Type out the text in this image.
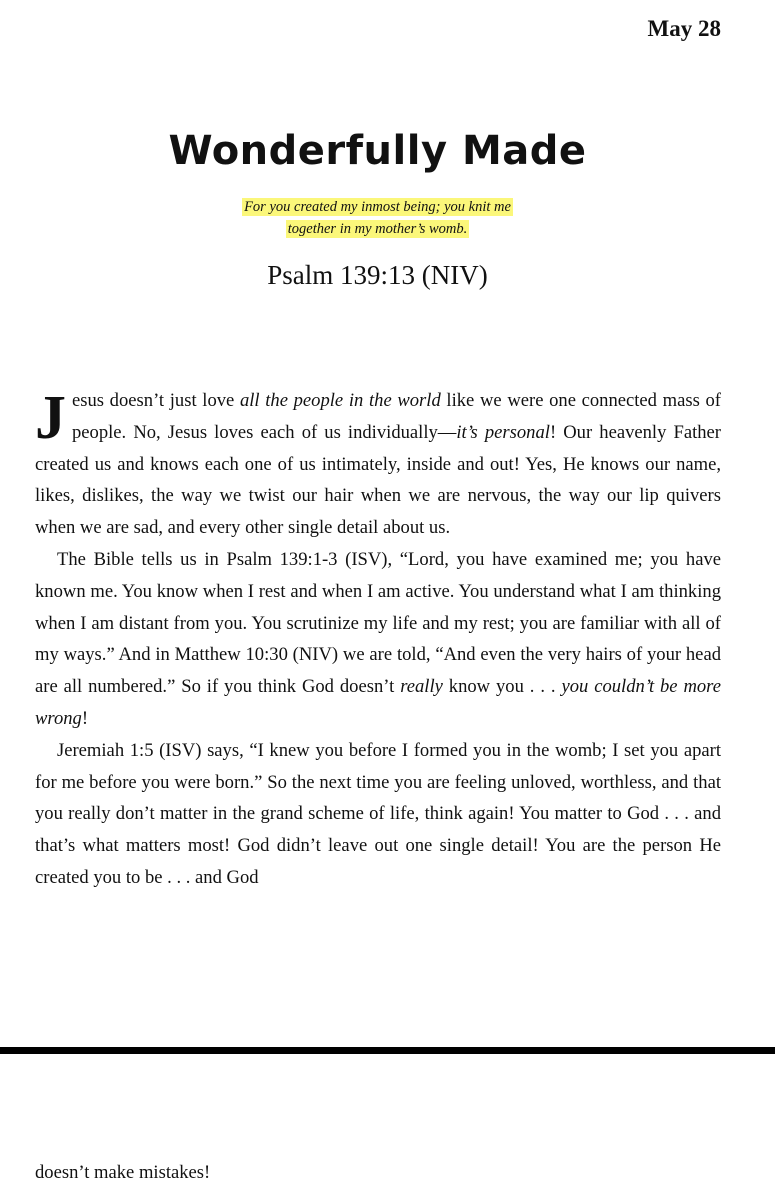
May 28
Wonderfully Made
For you created my inmost being; you knit me
together in my mother’s womb.
Psalm 139:13 (NIV)

Jesus doesn’t just love all the people in the world like we were one connected mass of people. No, Jesus loves each of us individually—it’s personal! Our heavenly Father created us and knows each one of us intimately, inside and out! Yes, He knows our name, likes, dislikes, the way we twist our hair when we are nervous, the way our lip quivers when we are sad, and every other single detail about us.

The Bible tells us in Psalm 139:1-3 (ISV), “Lord, you have examined me; you have known me. You know when I rest and when I am active. You understand what I am thinking when I am distant from you. You scrutinize my life and my rest; you are familiar with all of my ways.” And in Matthew 10:30 (NIV) we are told, “And even the very hairs of your head are all numbered.” So if you think God doesn’t really know you . . . you couldn’t be more wrong!

Jeremiah 1:5 (ISV) says, “I knew you before I formed you in the womb; I set you apart for me before you were born.” So the next time you are feeling unloved, worthless, and that you really don’t matter in the grand scheme of life, think again! You matter to God . . . and that’s what matters most! God didn’t leave out one single detail! You are the person He created you to be . . . and God

doesn’t make mistakes!
